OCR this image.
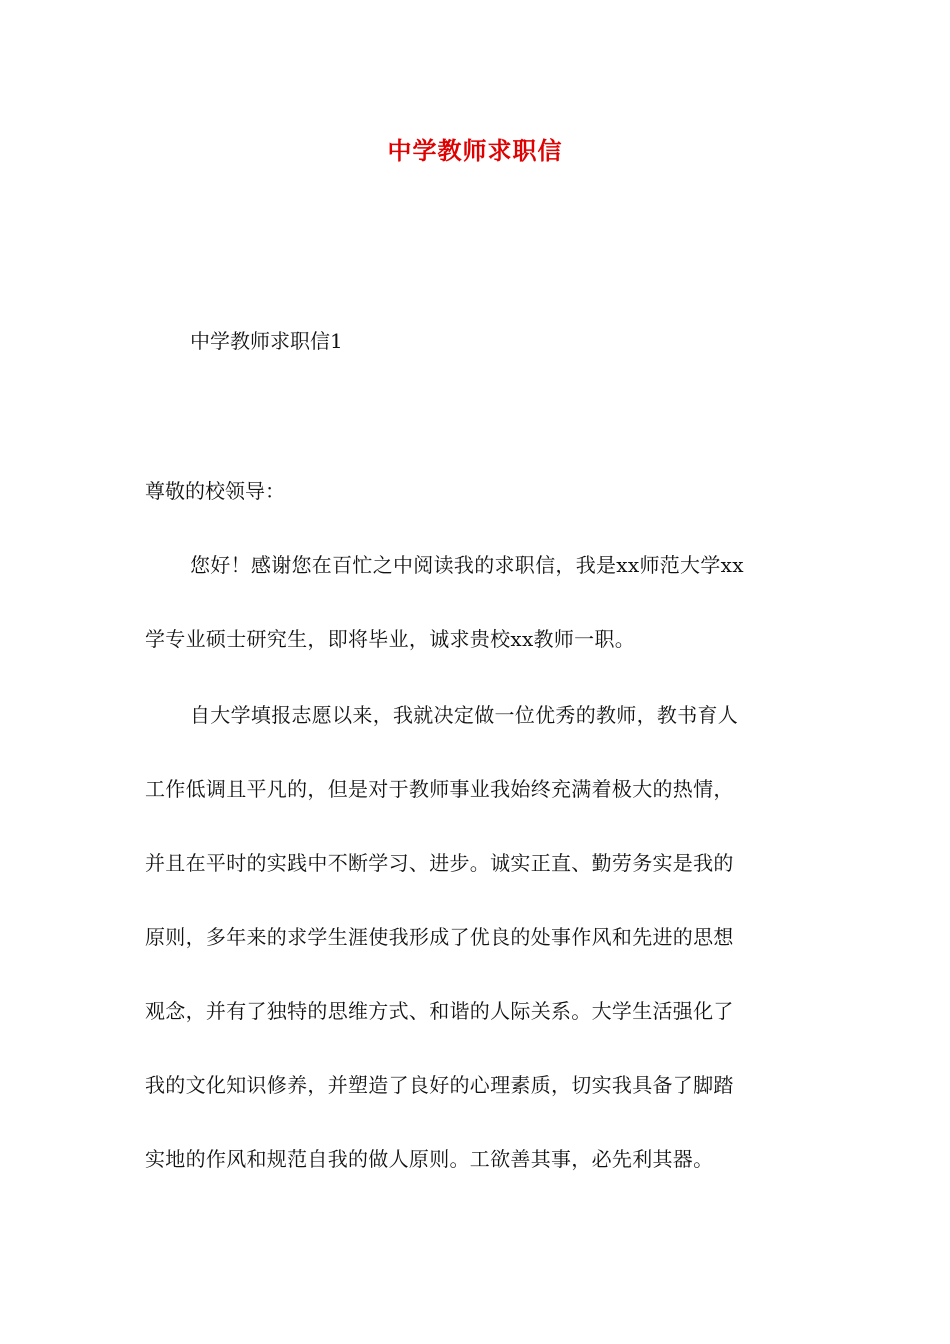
中学教师求职信
中学教师求职信1
尊敬的校领导：
您好！感谢您在百忙之中阅读我的求职信，我是xx师范大学xx
学专业硕士研究生，即将毕业，诚求贵校xx教师一职。
自大学填报志愿以来，我就决定做一位优秀的教师，教书育人
工作低调且平凡的，但是对于教师事业我始终充满着极大的热情，
并且在平时的实践中不断学习、进步。诚实正直、勤劳务实是我的
原则，多年来的求学生涯使我形成了优良的处事作风和先进的思想
观念，并有了独特的思维方式、和谐的人际关系。大学生活强化了
我的文化知识修养，并塑造了良好的心理素质，切实我具备了脚踏
实地的作风和规范自我的做人原则。工欲善其事，必先利其器。
